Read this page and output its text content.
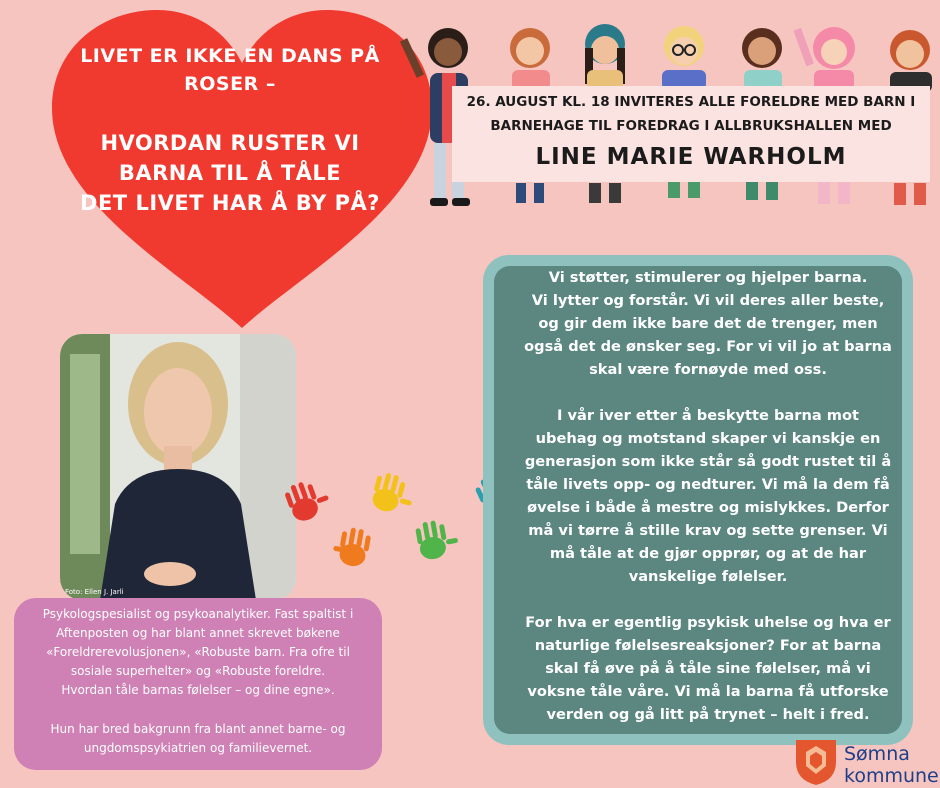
LIVET ER IKKE EN DANS PÅ ROSER –
HVORDAN RUSTER VI
BARNA TIL Å TÅLE
DET LIVET HAR Å BY PÅ?
26. AUGUST KL. 18 INVITERES ALLE FORELDRE MED BARN I
BARNEHAGE TIL FOREDRAG I ALLBRUKSHALLEN MED
LINE MARIE WARHOLM
Foto: Ellen J. Jarli
Psykologspesialist og psykoanalytiker. Fast spaltist i
Aftenposten og har blant annet skrevet bøkene
«Foreldrerevolusjonen», «Robuste barn. Fra ofre til
sosiale superhelter» og «Robuste foreldre.
Hvordan tåle barnas følelser – og dine egne».
Hun har bred bakgrunn fra blant annet barne- og
ungdomspsykiatrien og familievernet.

Vi støtter, stimulerer og hjelper barna.
Vi lytter og forstår. Vi vil deres aller beste,
og gir dem ikke bare det de trenger, men
også det de ønsker seg. For vi vil jo at barna
skal være fornøyde med oss.

I vår iver etter å beskytte barna mot
ubehag og motstand skaper vi kanskje en
generasjon som ikke står så godt rustet til å
tåle livets opp- og nedturer. Vi må la dem få
øvelse i både å mestre og mislykkes. Derfor
må vi tørre å stille krav og sette grenser. Vi
må tåle at de gjør opprør, og at de har
vanskelige følelser.

For hva er egentlig psykisk uhelse og hva er
naturlige følelsesreaksjoner? For at barna
skal få øve på å tåle sine følelser, må vi
voksne tåle våre. Vi må la barna få utforske
verden og gå litt på trynet – helt i fred.

Sømna
kommune
